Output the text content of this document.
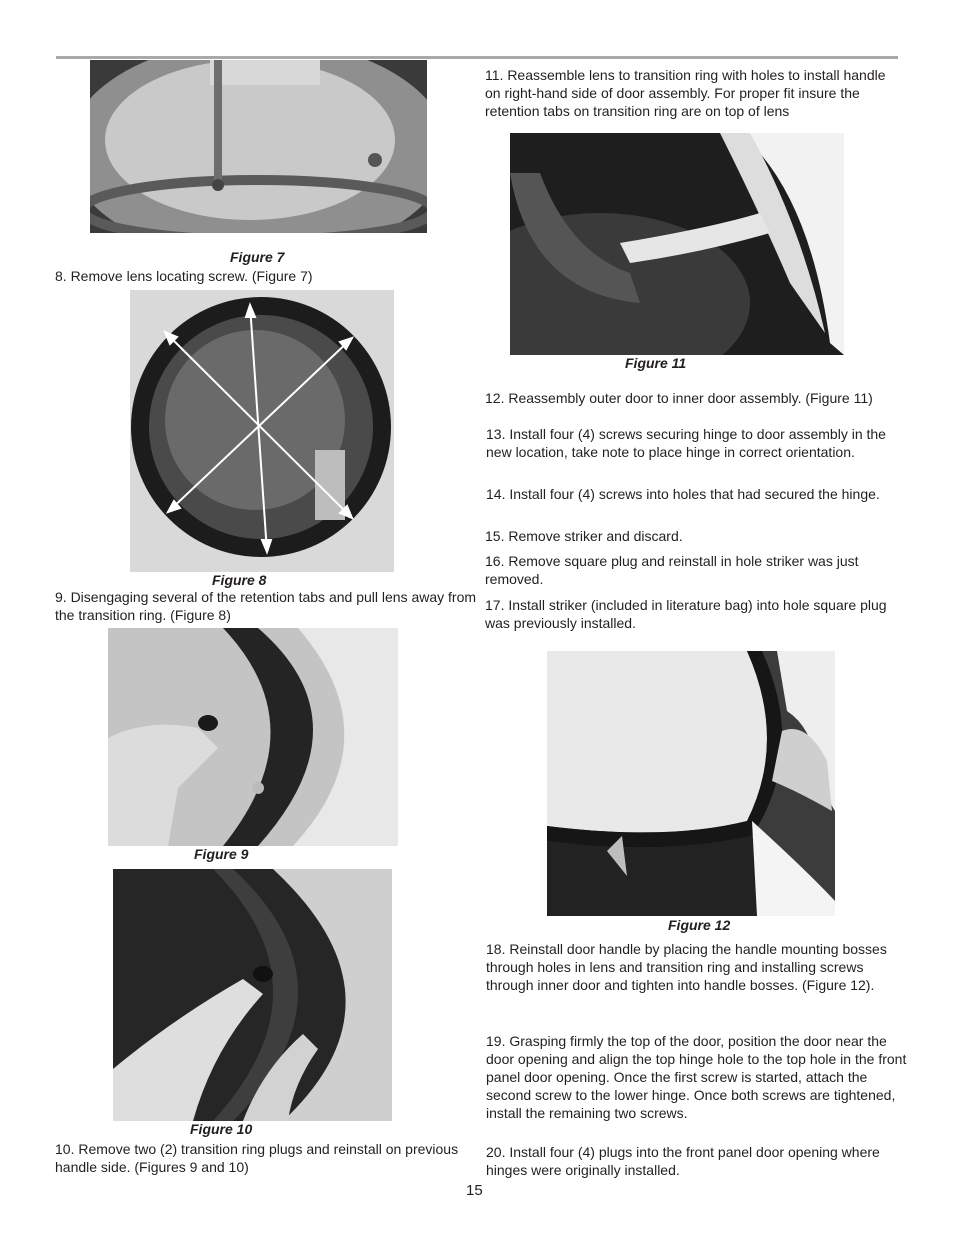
Figure 7
8. Remove lens locating screw. (Figure 7)
Figure 8
9. Disengaging several of the retention tabs and pull lens away from the transition ring. (Figure 8)
Figure 9
Figure 10
10. Remove two (2) transition ring plugs and reinstall on previous handle side. (Figures 9 and 10)
11. Reassemble lens to transition ring with holes to install handle on right-hand side of door assembly. For proper fit insure the retention tabs on transition ring are on top of lens
Figure 11
12. Reassembly outer door to inner door assembly. (Figure 11)
13. Install four (4) screws securing hinge to door assembly in the new location, take note to place hinge in correct orientation.
14. Install four (4) screws into holes that had secured the hinge.
15. Remove striker and discard.
16. Remove square plug and reinstall in hole striker was just removed.
17. Install striker (included in literature bag) into hole square plug was previously installed.
Figure 12
18. Reinstall door handle by placing the handle mounting bosses through holes in lens and transition ring and installing screws through inner door and tighten into handle bosses. (Figure 12).
19. Grasping firmly the top of the door, position the door near the door opening and align the top hinge hole to the top hole in the front panel door opening. Once the first screw is started, attach the second screw to the lower hinge. Once both screws are tightened, install the remaining two screws.
20. Install four (4) plugs into the front panel door opening where hinges were originally installed.
15
